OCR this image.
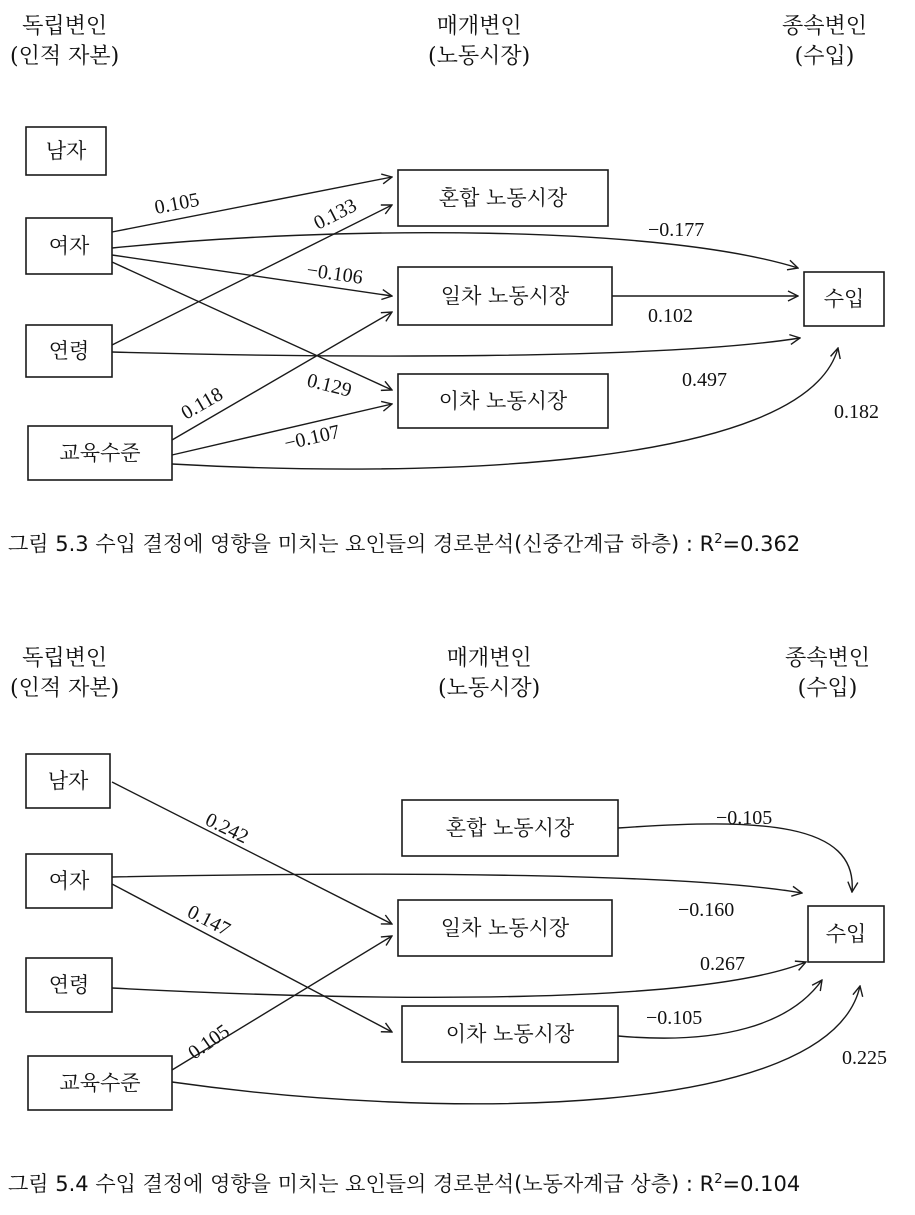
독립변인
(인적 자본)
매개변인
(노동시장)
종속변인
(수입)
0.105	0.133	−0.177
−0.106
0.129
0.102
0.497
0.118
−0.107
0.182
남자
여자
연령
교육수준
혼합 노동시장
일차 노동시장
이차 노동시장
수입
그림 5.3 수입 결정에 영향을 미치는 요인들의 경로분석(신중간계급 하층) : $R^2=0.362$
독립변인
(인적 자본)
매개변인
(노동시장)
종속변인
(수입)
0.242
0.147
−0.105
−0.160
0.267
0.105
−0.105
0.225
남자
여자
연령
교육수준
혼합 노동시장
일차 노동시장
이차 노동시장
수입
그림 5.4 수입 결정에 영향을 미치는 요인들의 경로분석(노동자계급 상층) : $R^2=0.104$
